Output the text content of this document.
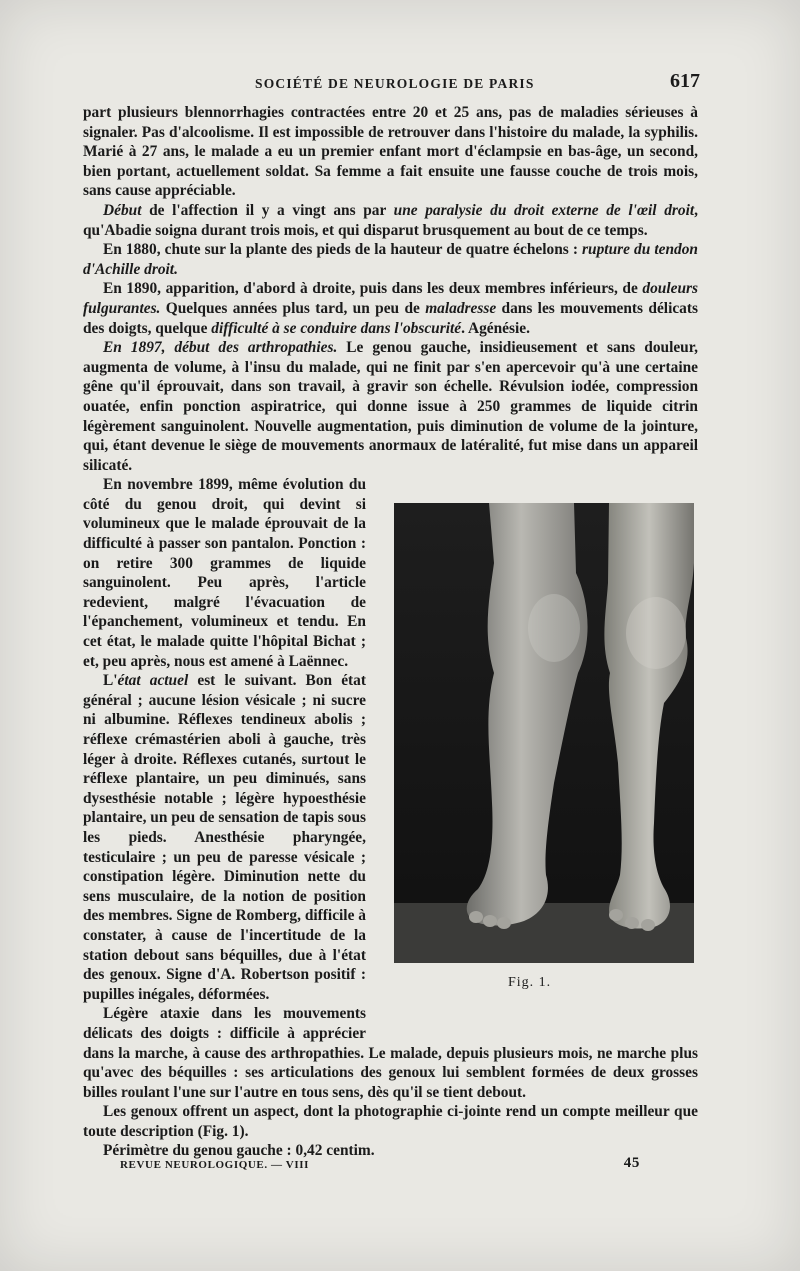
SOCIÉTÉ DE NEUROLOGIE DE PARIS	617

part plusieurs blennorrhagies contractées entre 20 et 25 ans, pas de maladies sérieuses à signaler. Pas d'alcoolisme. Il est impossible de retrouver dans l'histoire du malade, la syphilis. Marié à 27 ans, le malade a eu un premier enfant mort d'éclampsie en bas-âge, un second, bien portant, actuellement soldat. Sa femme a fait ensuite une fausse couche de trois mois, sans cause appréciable.

Début de l'affection il y a vingt ans par une paralysie du droit externe de l'œil droit, qu'Abadie soigna durant trois mois, et qui disparut brusquement au bout de ce temps.

En 1880, chute sur la plante des pieds de la hauteur de quatre échelons : rupture du tendon d'Achille droit.

En 1890, apparition, d'abord à droite, puis dans les deux membres inférieurs, de douleurs fulgurantes. Quelques années plus tard, un peu de maladresse dans les mouvements délicats des doigts, quelque difficulté à se conduire dans l'obscurité. Agénésie.

En 1897, début des arthropathies. Le genou gauche, insidieusement et sans douleur, augmenta de volume, à l'insu du malade, qui ne finit par s'en apercevoir qu'à une certaine gêne qu'il éprouvait, dans son travail, à gravir son échelle. Révulsion iodée, compression ouatée, enfin ponction aspiratrice, qui donne issue à 250 grammes de liquide citrin légèrement sanguinolent. Nouvelle augmentation, puis diminution de volume de la jointure, qui, étant devenue le siège de mouvements anormaux de latéralité, fut mise dans un appareil silicaté.

Fig. 1.

En novembre 1899, même évolution du côté du genou droit, qui devint si volumineux que le malade éprouvait de la difficulté à passer son pantalon. Ponction : on retire 300 grammes de liquide sanguinolent. Peu après, l'article redevient, malgré l'évacuation de l'épanchement, volumineux et tendu. En cet état, le malade quitte l'hôpital Bichat ; et, peu après, nous est amené à Laënnec.

L'état actuel est le suivant. Bon état général ; aucune lésion vésicale ; ni sucre ni albumine. Réflexes tendineux abolis ; réflexe crémastérien aboli à gauche, très léger à droite. Réflexes cutanés, surtout le réflexe plantaire, un peu diminués, sans dysesthésie notable ; légère hypoesthésie plantaire, un peu de sensation de tapis sous les pieds. Anesthésie pharyngée, testiculaire ; un peu de paresse vésicale ; constipation légère. Diminution nette du sens musculaire, de la notion de position des membres. Signe de Romberg, difficile à constater, à cause de l'incertitude de la station debout sans béquilles, due à l'état des genoux. Signe d'A. Robertson positif : pupilles inégales, déformées.

Légère ataxie dans les mouvements délicats des doigts : difficile à apprécier dans la marche, à cause des arthropathies. Le malade, depuis plusieurs mois, ne marche plus qu'avec des béquilles : ses articulations des genoux lui semblent formées de deux grosses billes roulant l'une sur l'autre en tous sens, dès qu'il se tient debout.

Les genoux offrent un aspect, dont la photographie ci-jointe rend un compte meilleur que toute description (Fig. 1).

Périmètre du genou gauche : 0,42 centim.

REVUE NEUROLOGIQUE. — VIII	45
